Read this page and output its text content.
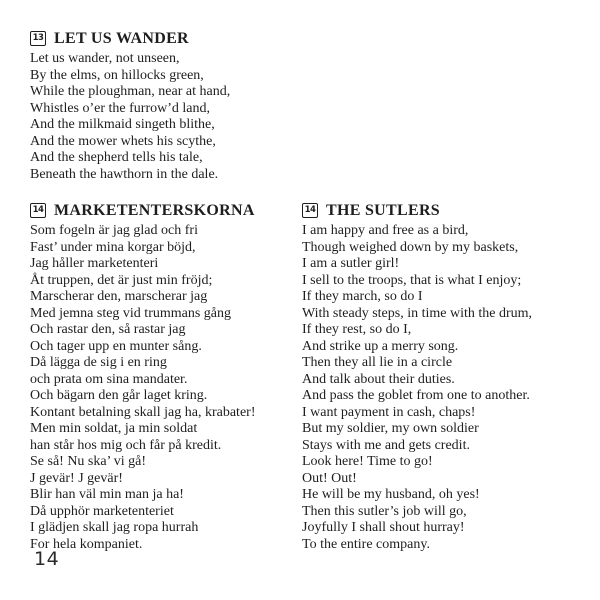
13 LET US WANDER
Let us wander, not unseen,
By the elms, on hillocks green,
While the ploughman, near at hand,
Whistles o’er the furrow’d land,
And the milkmaid singeth blithe,
And the mower whets his scythe,
And the shepherd tells his tale,
Beneath the hawthorn in the dale.
14 MARKETENTERSKORNA
Som fogeln är jag glad och fri
Fast’ under mina korgar böjd,
Jag håller marketenteri
Åt truppen, det är just min fröjd;
Marscherar den, marscherar jag
Med jemna steg vid trummans gång
Och rastar den, så rastar jag
Och tager upp en munter sång.
Då lägga de sig i en ring
och prata om sina mandater.
Och bägarn den går laget kring.
Kontant betalning skall jag ha, krabater!
Men min soldat, ja min soldat
han står hos mig och får på kredit.
Se så! Nu ska’ vi gå!
J gevär! J gevär!
Blir han väl min man ja ha!
Då upphör marketenteriet
I glädjen skall jag ropa hurrah
For hela kompaniet.
14 THE SUTLERS
I am happy and free as a bird,
Though weighed down by my baskets,
I am a sutler girl!
I sell to the troops, that is what I enjoy;
If they march, so do I
With steady steps, in time with the drum,
If they rest, so do I,
And strike up a merry song.
Then they all lie in a circle
And talk about their duties.
And pass the goblet from one to another.
I want payment in cash, chaps!
But my soldier, my own soldier
Stays with me and gets credit.
Look here! Time to go!
Out! Out!
He will be my husband, oh yes!
Then this sutler’s job will go,
Joyfully I shall shout hurray!
To the entire company.
14
